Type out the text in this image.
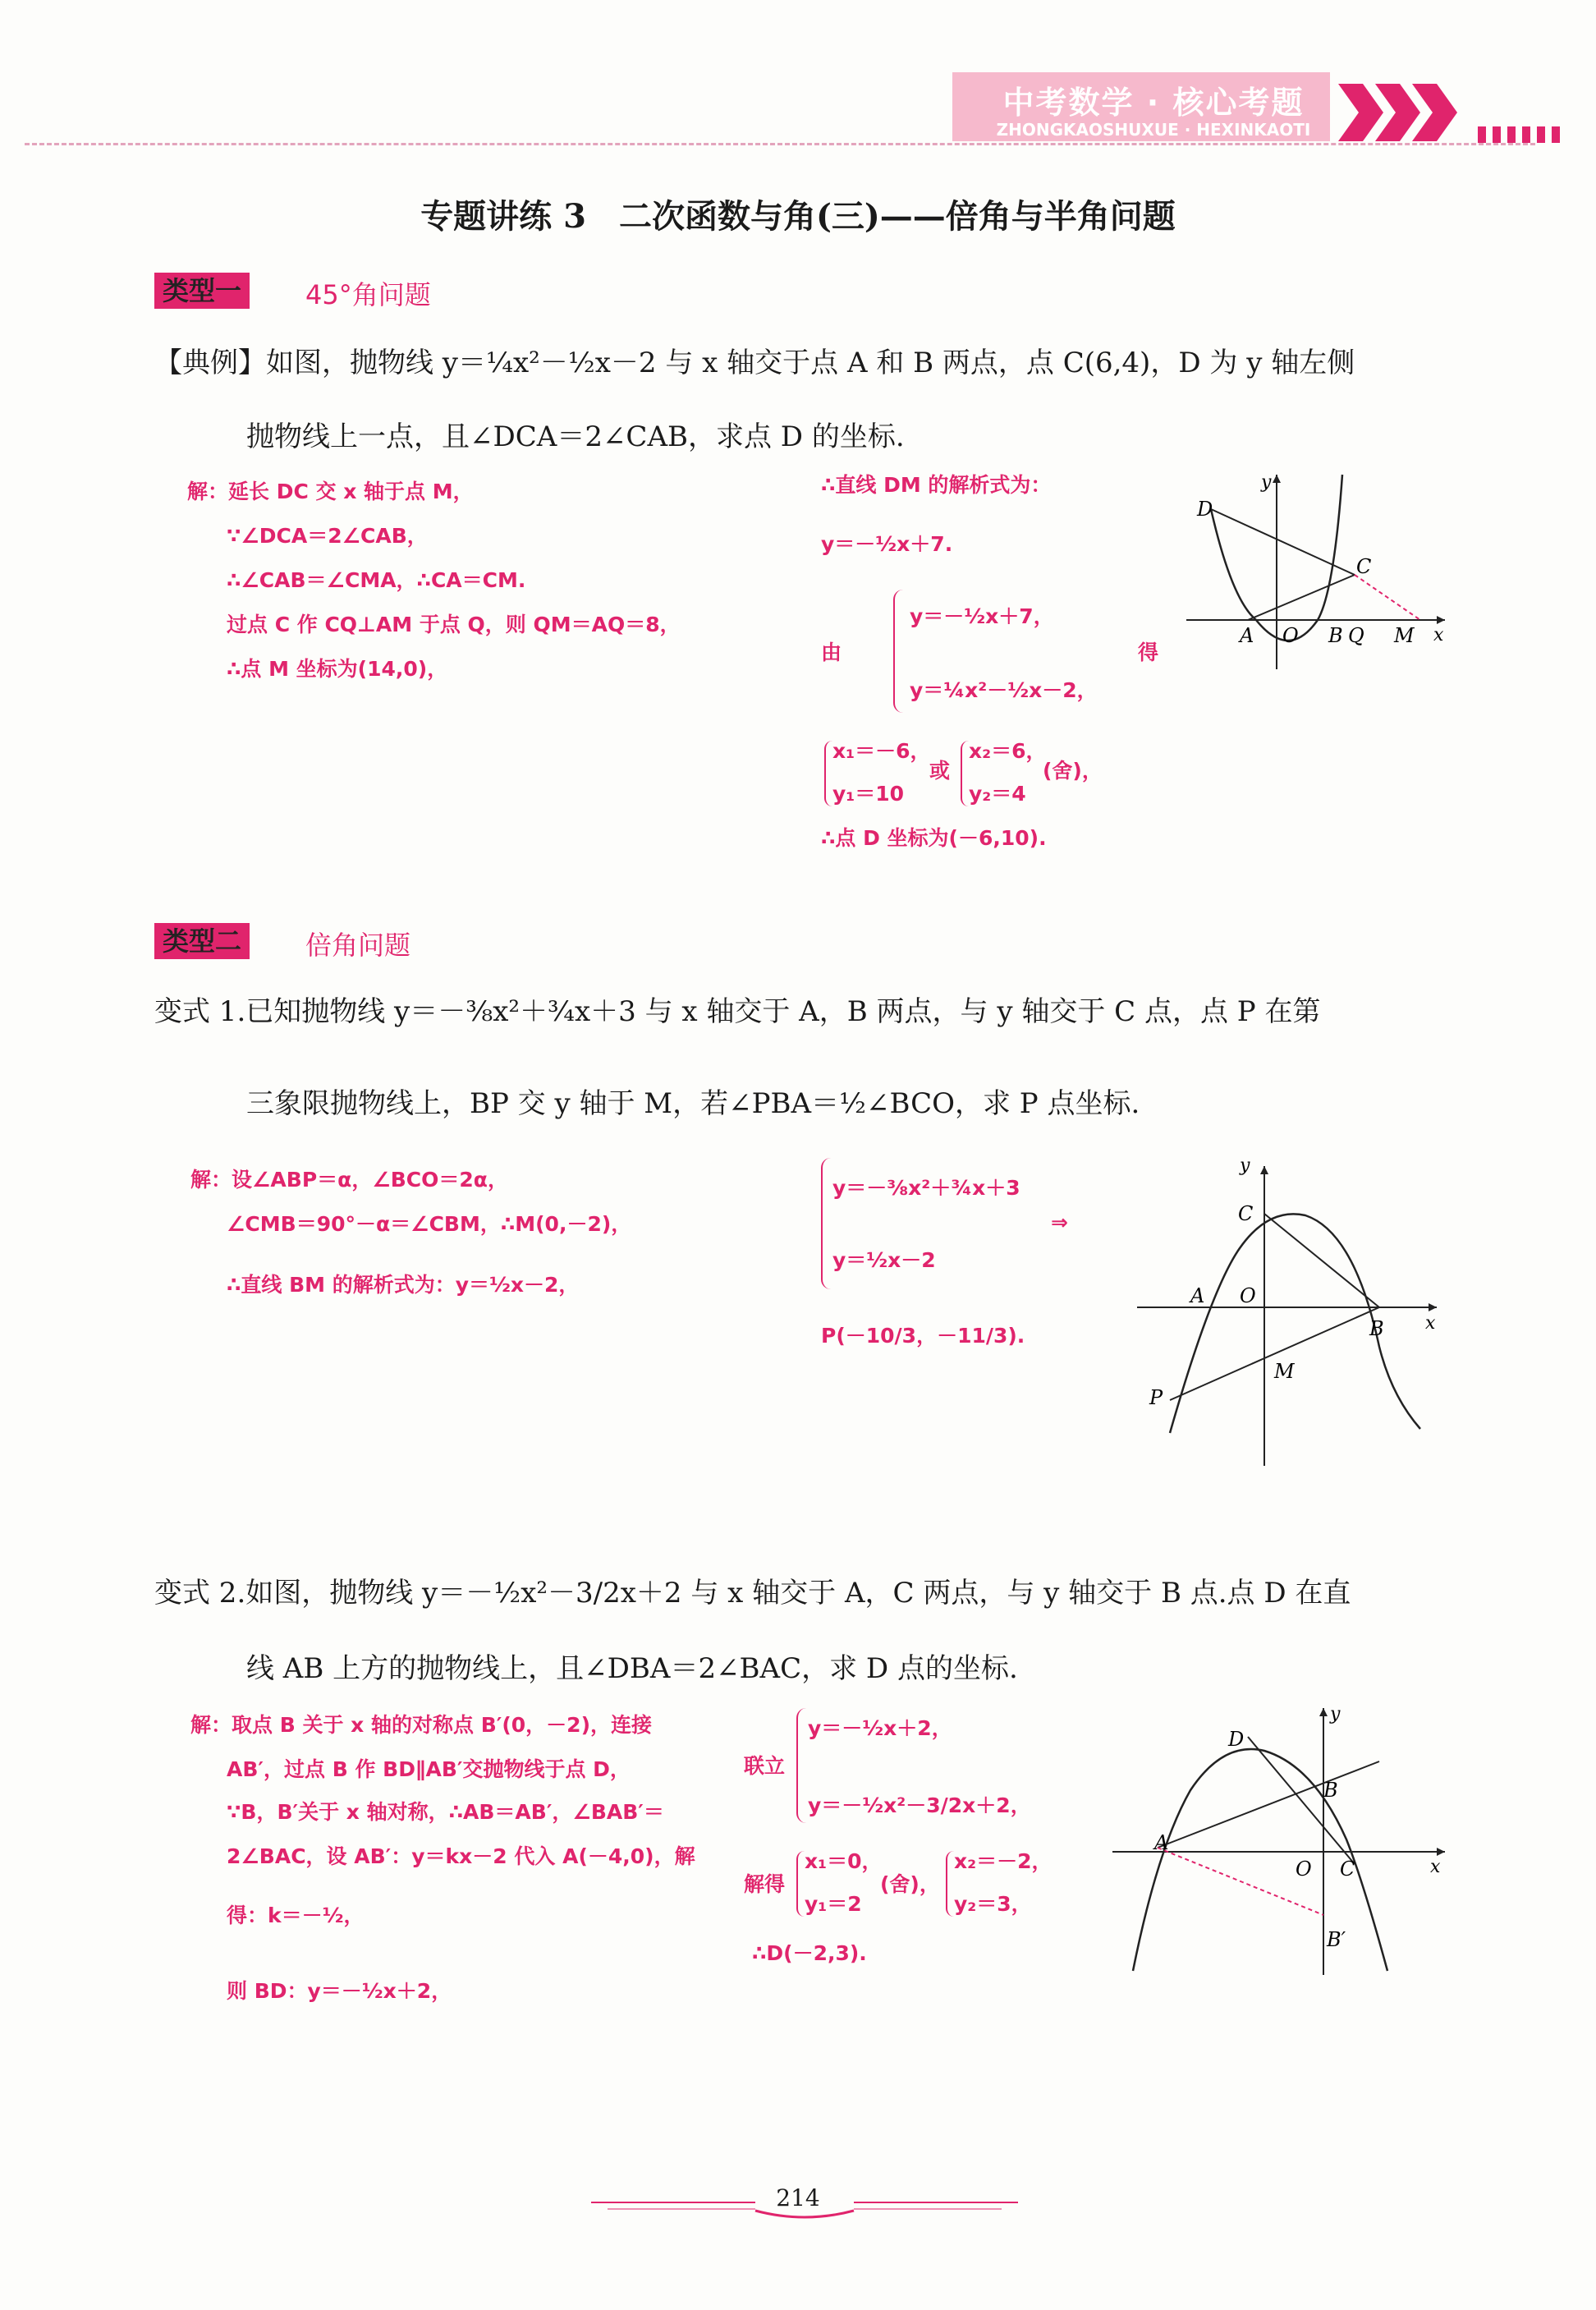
中考数学 · 核心考题
ZHONGKAOSHUXUE · HEXINKAOTI
专题讲练 3　二次函数与角(三)——倍角与半角问题
类型一	45°角问题
【典例】如图，抛物线 y＝¼x²－½x－2 与 x 轴交于点 A 和 B 两点，点 C(6,4)，D 为 y 轴左侧
抛物线上一点，且∠DCA＝2∠CAB，求点 D 的坐标.
解：延长 DC 交 x 轴于点 M，
∵∠DCA＝2∠CAB，
∴∠CAB＝∠CMA，∴CA＝CM.
过点 C 作 CQ⊥AM 于点 Q，则 QM＝AQ＝8，
∴点 M 坐标为(14,0)，
∴直线 DM 的解析式为：
y＝－½x＋7.
y＝－½x＋7，
由	得
y＝¼x²－½x－2，
x₁＝－6，
y₁＝10
或
x₂＝6，
y₂＝4
(舍)，
∴点 D 坐标为(－6,10).
D
y
C
A O B Q M x
类型二	倍角问题
变式 1.已知抛物线 y＝－⅜x²＋¾x＋3 与 x 轴交于 A，B 两点，与 y 轴交于 C 点，点 P 在第
三象限抛物线上，BP 交 y 轴于 M，若∠PBA＝½∠BCO，求 P 点坐标.
解：设∠ABP＝α，∠BCO＝2α，
∠CMB＝90°－α＝∠CBM，∴M(0,－2)，
∴直线 BM 的解析式为：y＝½x－2，
y＝－⅜x²＋¾x＋3
y＝½x－2
⇒
P(－10/3，－11/3).
y
C
A O
B x
M
P
变式 2.如图，抛物线 y＝－½x²－3/2x＋2 与 x 轴交于 A，C 两点，与 y 轴交于 B 点.点 D 在直
线 AB 上方的抛物线上，且∠DBA＝2∠BAC，求 D 点的坐标.
解：取点 B 关于 x 轴的对称点 B′(0，－2)，连接
AB′，过点 B 作 BD∥AB′交抛物线于点 D，
∵B，B′关于 x 轴对称，∴AB＝AB′，∠BAB′＝
2∠BAC，设 AB′：y＝kx－2 代入 A(－4,0)，解
得：k＝－½，
则 BD：y＝－½x＋2，
y＝－½x＋2，
联立
y＝－½x²－3/2x＋2，
解得
x₁＝0，
y₁＝2
(舍)，
x₂＝－2，
y₂＝3，
∴D(－2,3).
D
y
B
A
O C	x
B′
214
